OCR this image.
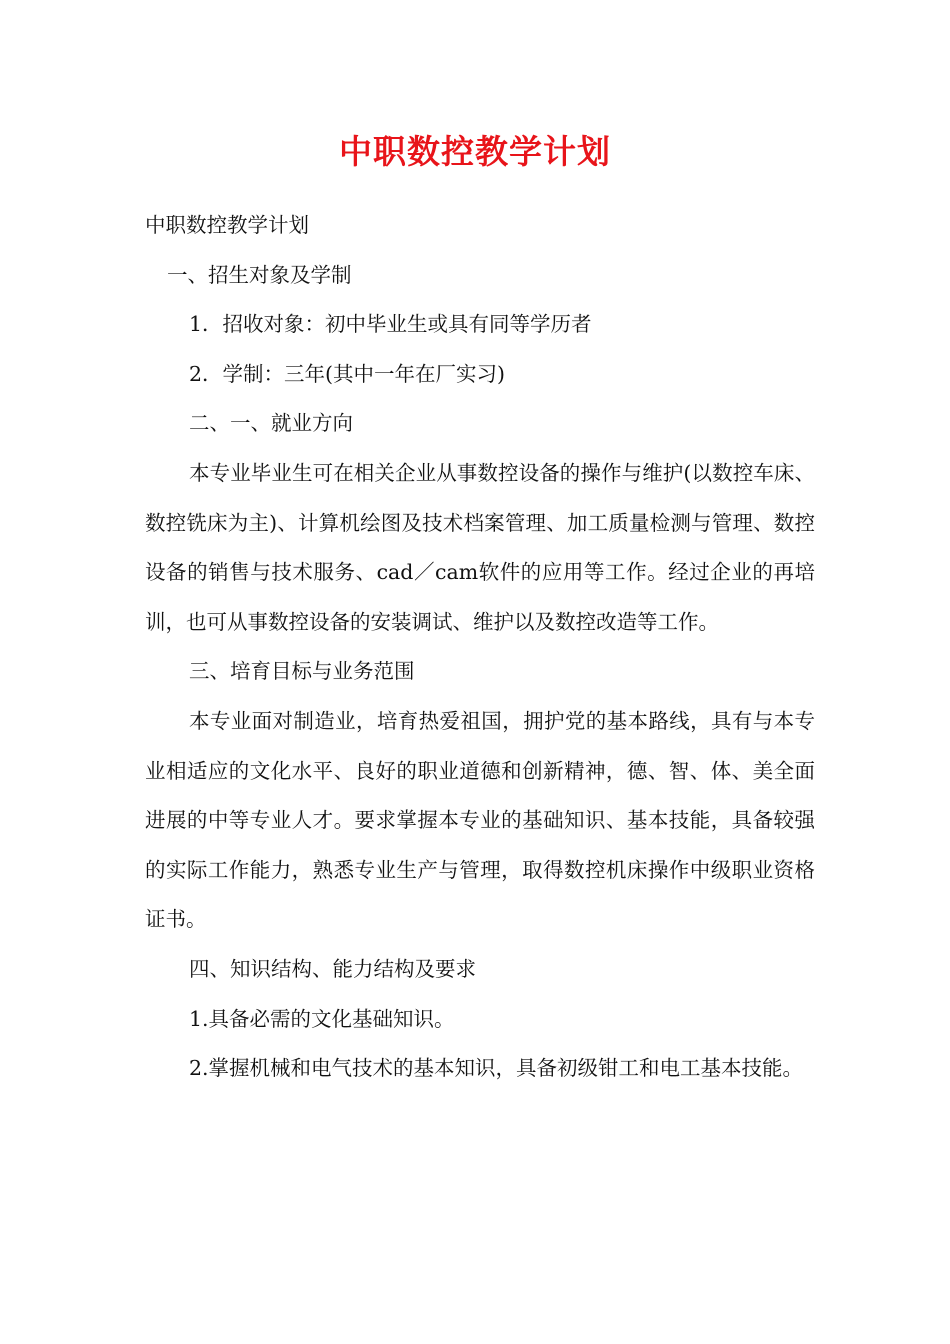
中职数控教学计划

中职数控教学计划

一、招生对象及学制

1．招收对象：初中毕业生或具有同等学历者

2．学制：三年(其中一年在厂实习)

二、一、就业方向

本专业毕业生可在相关企业从事数控设备的操作与维护(以数控车床、数控铣床为主)、计算机绘图及技术档案管理、加工质量检测与管理、数控设备的销售与技术服务、cad／cam软件的应用等工作。经过企业的再培训，也可从事数控设备的安装调试、维护以及数控改造等工作。

三、培育目标与业务范围

本专业面对制造业，培育热爱祖国，拥护党的基本路线，具有与本专业相适应的文化水平、良好的职业道德和创新精神，德、智、体、美全面进展的中等专业人才。要求掌握本专业的基础知识、基本技能，具备较强的实际工作能力，熟悉专业生产与管理，取得数控机床操作中级职业资格证书。

四、知识结构、能力结构及要求

1.具备必需的文化基础知识。

2.掌握机械和电气技术的基本知识，具备初级钳工和电工基本技能。
